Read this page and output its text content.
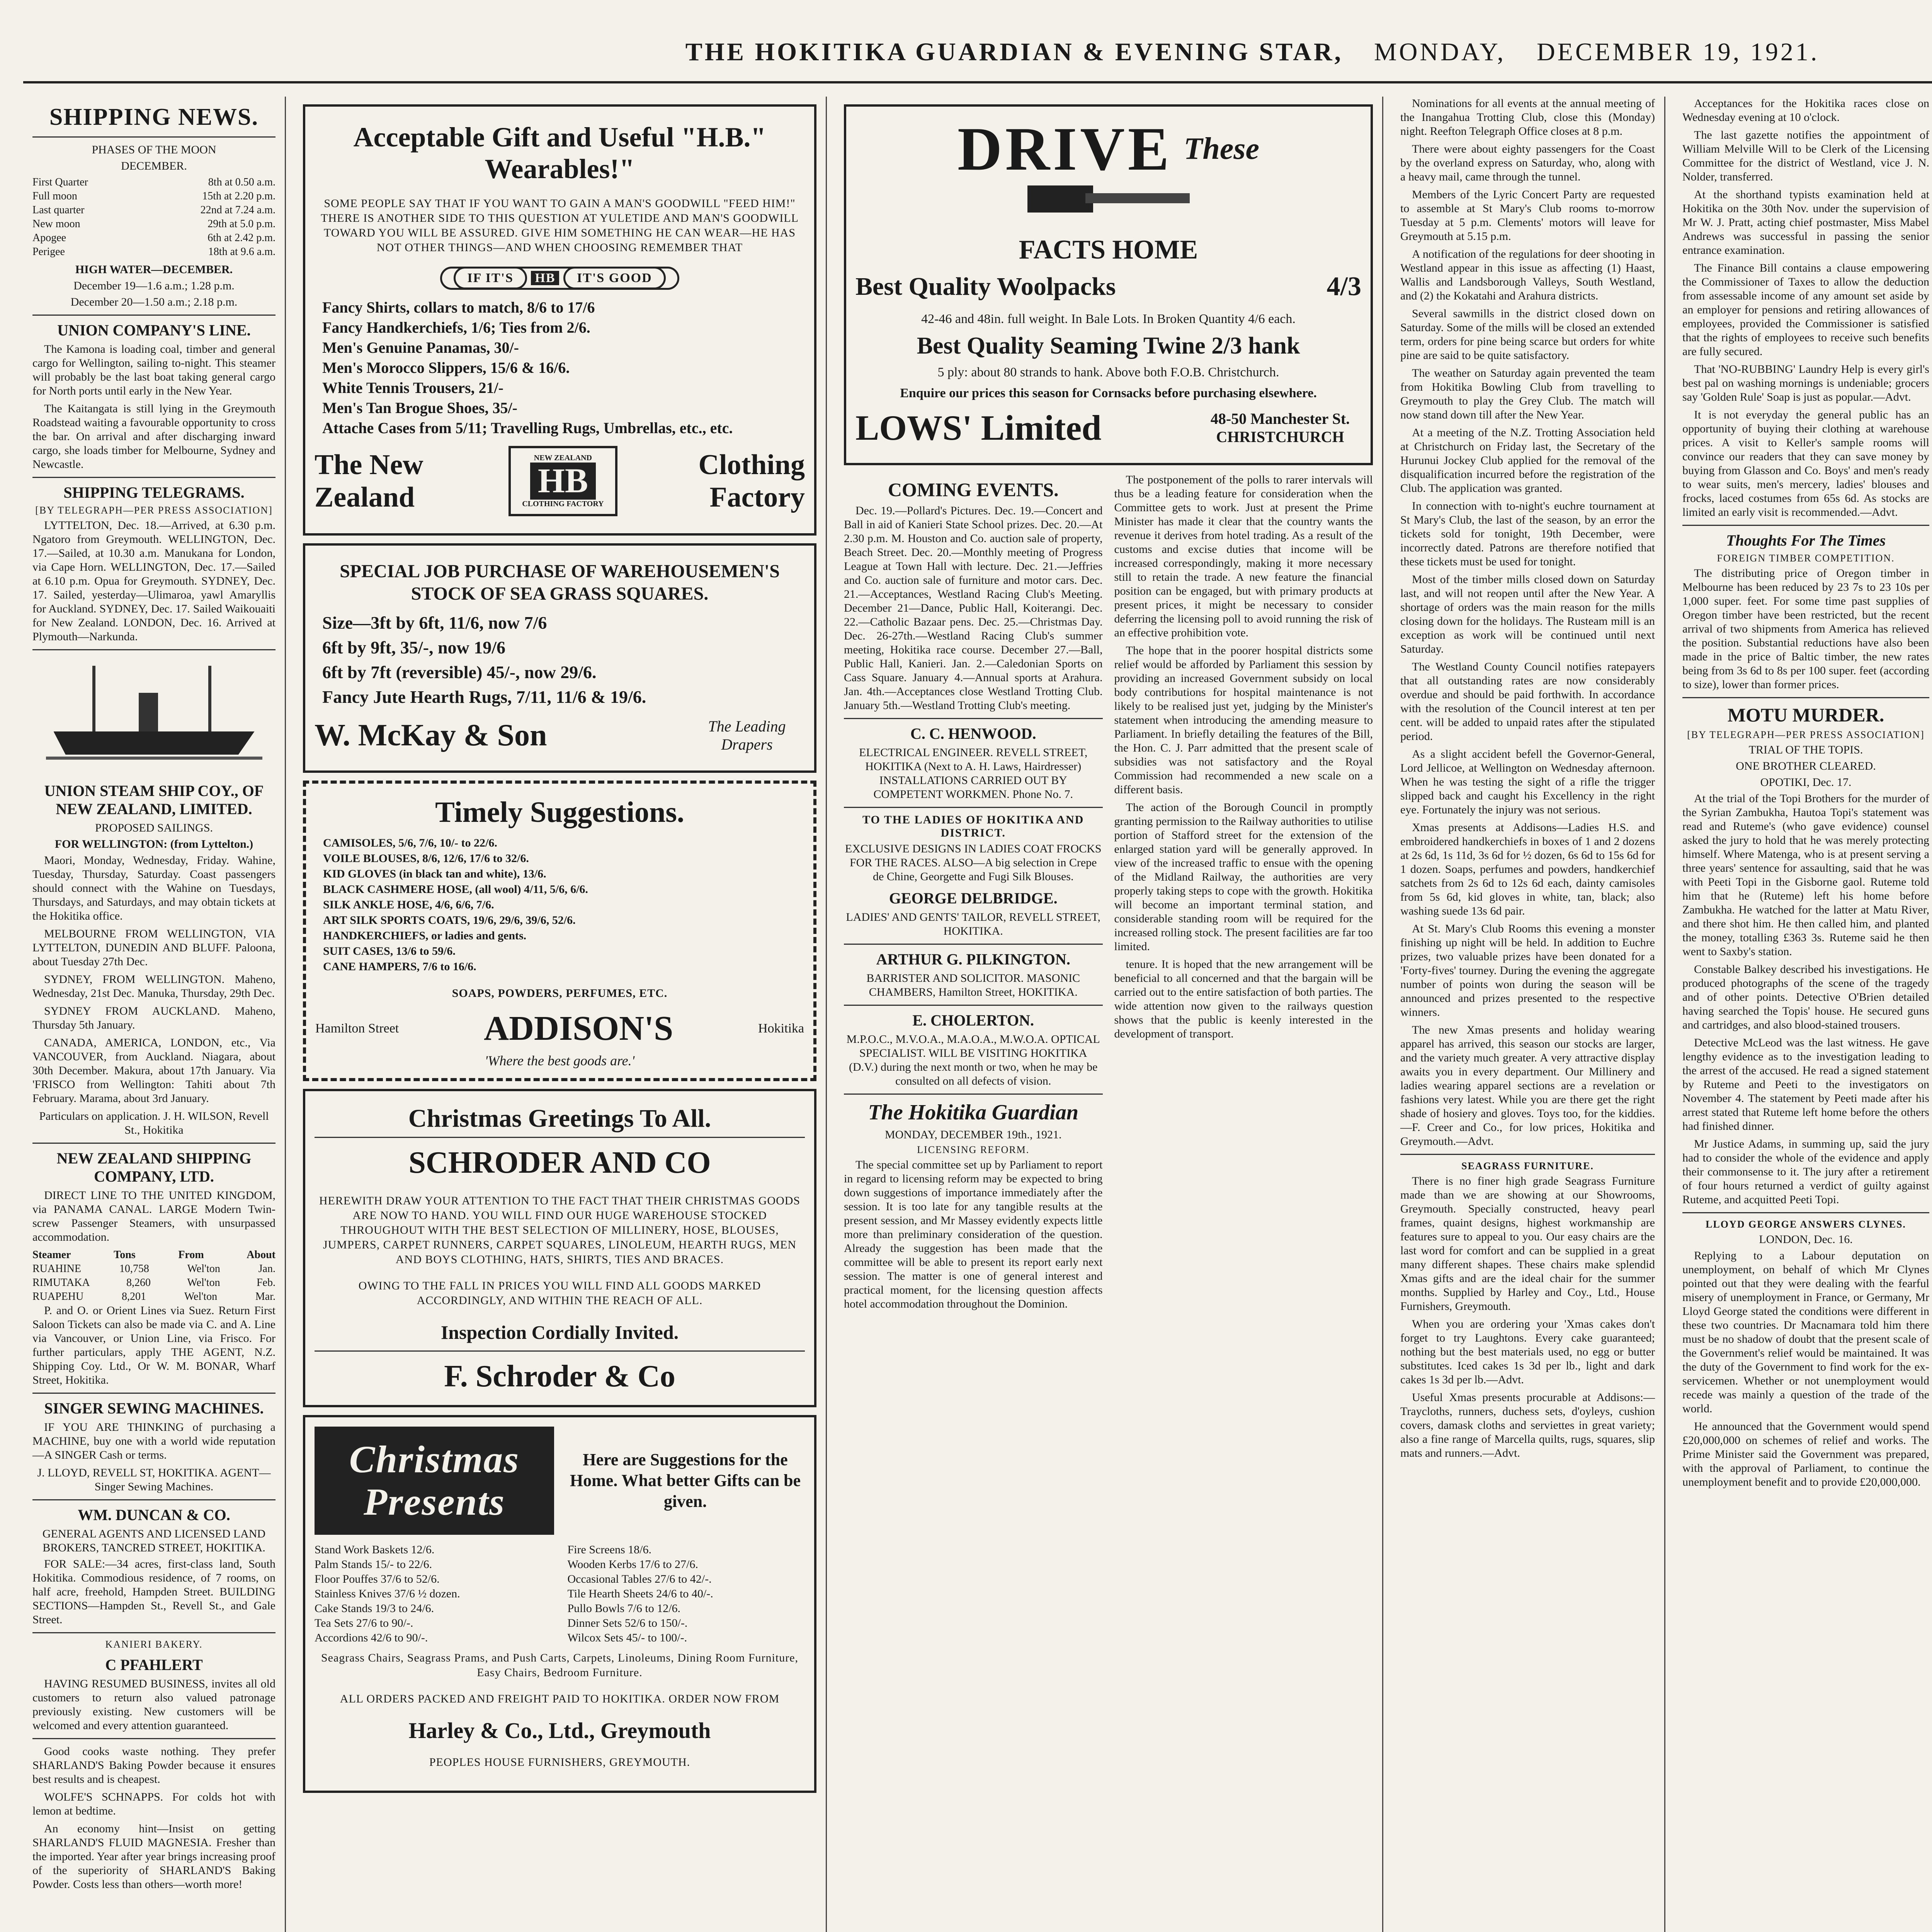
THE HOKITIKA GUARDIAN & EVENING STAR, MONDAY, DECEMBER 19, 1921.
SHIPPING NEWS.

PHASES OF THE MOON

DECEMBER.

First Quarter	8th at 0.50 a.m.
Full moon	15th at 2.20 p.m.
Last quarter	22nd at 7.24 a.m.
New moon	29th at 5.0 p.m.
Apogee	6th at 2.42 p.m.
Perigee	18th at 9.6 a.m.

HIGH WATER—DECEMBER.

December 19—1.6 a.m.; 1.28 p.m.

December 20—1.50 a.m.; 2.18 p.m.

UNION COMPANY'S LINE.

The Kamona is loading coal, timber and general cargo for Wellington, sailing to-night. This steamer will probably be the last boat taking general cargo for North ports until early in the New Year.

The Kaitangata is still lying in the Greymouth Roadstead waiting a favourable opportunity to cross the bar. On arrival and after discharging inward cargo, she loads timber for Melbourne, Sydney and Newcastle.

SHIPPING TELEGRAMS.
[BY TELEGRAPH—PER PRESS ASSOCIATION]

LYTTELTON, Dec. 18.—Arrived, at 6.30 p.m. Ngatoro from Greymouth. WELLINGTON, Dec. 17.—Sailed, at 10.30 a.m. Manukana for London, via Cape Horn. WELLINGTON, Dec. 17.—Sailed at 6.10 p.m. Opua for Greymouth. SYDNEY, Dec. 17. Sailed, yesterday—Ulimaroa, yawl Amaryllis for Auckland. SYDNEY, Dec. 17. Sailed Waikouaiti for New Zealand. LONDON, Dec. 16. Arrived at Plymouth—Narkunda.

UNION STEAM SHIP COY., OF NEW ZEALAND, LIMITED.

PROPOSED SAILINGS.

FOR WELLINGTON: (from Lyttelton.)

Maori, Monday, Wednesday, Friday. Wahine, Tuesday, Thursday, Saturday. Coast passengers should connect with the Wahine on Tuesdays, Thursdays, and Saturdays, and may obtain tickets at the Hokitika office.

MELBOURNE FROM WELLINGTON, VIA LYTTELTON, DUNEDIN AND BLUFF. Paloona, about Tuesday 27th Dec.

SYDNEY, FROM WELLINGTON. Maheno, Wednesday, 21st Dec. Manuka, Thursday, 29th Dec.

SYDNEY FROM AUCKLAND. Maheno, Thursday 5th January.

CANADA, AMERICA, LONDON, etc., Via VANCOUVER, from Auckland. Niagara, about 30th December. Makura, about 17th January. Via 'FRISCO from Wellington: Tahiti about 7th February. Marama, about 3rd January.

Particulars on application. J. H. WILSON, Revell St., Hokitika

NEW ZEALAND SHIPPING COMPANY, LTD.

DIRECT LINE TO THE UNITED KINGDOM, via PANAMA CANAL. LARGE Modern Twin-screw Passenger Steamers, with unsurpassed accommodation.

Steamer	Tons	From	About
RUAHINE	10,758	Wel'ton	Jan.
RIMUTAKA	8,260	Wel'ton	Feb.
RUAPEHU	8,201	Wel'ton	Mar.

P. and O. or Orient Lines via Suez. Return First Saloon Tickets can also be made via C. and A. Line via Vancouver, or Union Line, via Frisco. For further particulars, apply THE AGENT, N.Z. Shipping Coy. Ltd., Or W. M. BONAR, Wharf Street, Hokitika.

SINGER SEWING MACHINES.

IF YOU ARE THINKING of purchasing a MACHINE, buy one with a world wide reputation—A SINGER Cash or terms.

J. LLOYD, REVELL ST, HOKITIKA. AGENT—Singer Sewing Machines.

WM. DUNCAN & CO.

GENERAL AGENTS AND LICENSED LAND BROKERS, TANCRED STREET, HOKITIKA.

FOR SALE:—34 acres, first-class land, South Hokitika. Commodious residence, of 7 rooms, on half acre, freehold, Hampden Street. BUILDING SECTIONS—Hampden St., Revell St., and Gale Street.

KANIERI BAKERY.
C PFAHLERT

HAVING RESUMED BUSINESS, invites all old customers to return also valued patronage previously existing. New customers will be welcomed and every attention guaranteed.

Good cooks waste nothing. They prefer SHARLAND'S Baking Powder because it ensures best results and is cheapest.

WOLFE'S SCHNAPPS. For colds hot with lemon at bedtime.

An economy hint—Insist on getting SHARLAND'S FLUID MAGNESIA. Fresher than the imported. Year after year brings increasing proof of the superiority of SHARLAND'S Baking Powder. Costs less than others—worth more!

Acceptable Gift and Useful "H.B." Wearables!"

SOME PEOPLE SAY THAT IF YOU WANT TO GAIN A MAN'S GOODWILL "FEED HIM!" THERE IS ANOTHER SIDE TO THIS QUESTION AT YULETIDE AND MAN'S GOODWILL TOWARD YOU WILL BE ASSURED. GIVE HIM SOMETHING HE CAN WEAR—HE HAS NOT OTHER THINGS—AND WHEN CHOOSING REMEMBER THAT

IF IT'S HB IT'S GOOD
Fancy Shirts, collars to match, 8/6 to 17/6
Fancy Handkerchiefs, 1/6; Ties from 2/6.
Men's Genuine Panamas, 30/-
Men's Morocco Slippers, 15/6 & 16/6.
White Tennis Trousers, 21/-
Men's Tan Brogue Shoes, 35/-
Attache Cases from 5/11; Travelling Rugs, Umbrellas, etc., etc.
The New Zealand
NEW ZEALAND
HB
CLOTHING FACTORY
Clothing Factory
SPECIAL JOB PURCHASE OF WAREHOUSEMEN'S STOCK OF SEA GRASS SQUARES.
Size—3ft by 6ft, 11/6, now 7/6
6ft by 9ft, 35/-, now 19/6
6ft by 7ft (reversible) 45/-, now 29/6.
Fancy Jute Hearth Rugs, 7/11, 11/6 & 19/6.
W. McKay & Son	The Leading Drapers
Timely Suggestions.
CAMISOLES, 5/6, 7/6, 10/- to 22/6.
VOILE BLOUSES, 8/6, 12/6, 17/6 to 32/6.
KID GLOVES (in black tan and white), 13/6.
BLACK CASHMERE HOSE, (all wool) 4/11, 5/6, 6/6.
SILK ANKLE HOSE, 4/6, 6/6, 7/6.
ART SILK SPORTS COATS, 19/6, 29/6, 39/6, 52/6.
HANDKERCHIEFS, or ladies and gents.
SUIT CASES, 13/6 to 59/6.
CANE HAMPERS, 7/6 to 16/6.

SOAPS, POWDERS, PERFUMES, ETC.

Hamilton Street ADDISON'S	Hokitika
'Where the best goods are.'
Christmas Greetings To All.
SCHRODER AND CO

HEREWITH DRAW YOUR ATTENTION TO THE FACT THAT THEIR CHRISTMAS GOODS ARE NOW TO HAND. YOU WILL FIND OUR HUGE WAREHOUSE STOCKED THROUGHOUT WITH THE BEST SELECTION OF MILLINERY, HOSE, BLOUSES, JUMPERS, CARPET RUNNERS, CARPET SQUARES, LINOLEUM, HEARTH RUGS, MEN AND BOYS CLOTHING, HATS, SHIRTS, TIES AND BRACES.

OWING TO THE FALL IN PRICES YOU WILL FIND ALL GOODS MARKED ACCORDINGLY, AND WITHIN THE REACH OF ALL.

Inspection Cordially Invited.
F. Schroder & Co
Christmas Presents
Here are Suggestions for the Home. What better Gifts can be given.
Stand Work Baskets 12/6.
Palm Stands 15/- to 22/6.
Floor Pouffes 37/6 to 52/6.
Stainless Knives 37/6 ½ dozen.
Cake Stands 19/3 to 24/6.
Tea Sets 27/6 to 90/-.
Accordions 42/6 to 90/-.
Fire Screens 18/6.
Wooden Kerbs 17/6 to 27/6.
Occasional Tables 27/6 to 42/-.
Tile Hearth Sheets 24/6 to 40/-.
Pullo Bowls 7/6 to 12/6.
Dinner Sets 52/6 to 150/-.
Wilcox Sets 45/- to 100/-.

Seagrass Chairs, Seagrass Prams, and Push Carts, Carpets, Linoleums, Dining Room Furniture, Easy Chairs, Bedroom Furniture.

ALL ORDERS PACKED AND FREIGHT PAID TO HOKITIKA. ORDER NOW FROM

Harley & Co., Ltd., Greymouth

PEOPLES HOUSE FURNISHERS, GREYMOUTH.

DRIVE These
FACTS HOME
Best Quality Woolpacks	4/3

42-46 and 48in. full weight. In Bale Lots. In Broken Quantity 4/6 each.

Best Quality Seaming Twine 2/3 hank

5 ply: about 80 strands to hank. Above both F.O.B. Christchurch.

Enquire our prices this season for Cornsacks before purchasing elsewhere.

LOWS' Limited	48-50 Manchester St. CHRISTCHURCH
COMING EVENTS.

Dec. 19.—Pollard's Pictures. Dec. 19.—Concert and Ball in aid of Kanieri State School prizes. Dec. 20.—At 2.30 p.m. M. Houston and Co. auction sale of property, Beach Street. Dec. 20.—Monthly meeting of Progress League at Town Hall with lecture. Dec. 21.—Jeffries and Co. auction sale of furniture and motor cars. Dec. 21.—Acceptances, Westland Racing Club's Meeting. December 21—Dance, Public Hall, Koiterangi. Dec. 22.—Catholic Bazaar pens. Dec. 25.—Christmas Day. Dec. 26-27th.—Westland Racing Club's summer meeting, Hokitika race course. December 27.—Ball, Public Hall, Kanieri. Jan. 2.—Caledonian Sports on Cass Square. January 4.—Annual sports at Arahura. Jan. 4th.—Acceptances close Westland Trotting Club. January 5th.—Westland Trotting Club's meeting.

C. C. HENWOOD.

ELECTRICAL ENGINEER. REVELL STREET, HOKITIKA (Next to A. H. Laws, Hairdresser) INSTALLATIONS CARRIED OUT BY COMPETENT WORKMEN. Phone No. 7.

TO THE LADIES OF HOKITIKA AND DISTRICT.

EXCLUSIVE DESIGNS IN LADIES COAT FROCKS FOR THE RACES. ALSO—A big selection in Crepe de Chine, Georgette and Fugi Silk Blouses.

GEORGE DELBRIDGE.

LADIES' AND GENTS' TAILOR, REVELL STREET, HOKITIKA.

ARTHUR G. PILKINGTON.

BARRISTER AND SOLICITOR. MASONIC CHAMBERS, Hamilton Street, HOKITIKA.

E. CHOLERTON.

M.P.O.C., M.V.O.A., M.A.O.A., M.W.O.A. OPTICAL SPECIALIST. WILL BE VISITING HOKITIKA (D.V.) during the next month or two, when he may be consulted on all defects of vision.

The Hokitika Guardian

MONDAY, DECEMBER 19th., 1921.

LICENSING REFORM.

The special committee set up by Parliament to report in regard to licensing reform may be expected to bring down suggestions of importance immediately after the session. It is too late for any tangible results at the present session, and Mr Massey evidently expects little more than preliminary consideration of the question. Already the suggestion has been made that the committee will be able to present its report early next session. The matter is one of general interest and practical moment, for the licensing question affects hotel accommodation throughout the Dominion.

The postponement of the polls to rarer intervals will thus be a leading feature for consideration when the Committee gets to work. Just at present the Prime Minister has made it clear that the country wants the revenue it derives from hotel trading. As a result of the customs and excise duties that income will be increased correspondingly, making it more necessary still to retain the trade. A new feature the financial position can be engaged, but with primary products at present prices, it might be necessary to consider deferring the licensing poll to avoid running the risk of an effective prohibition vote.

The hope that in the poorer hospital districts some relief would be afforded by Parliament this session by providing an increased Government subsidy on local body contributions for hospital maintenance is not likely to be realised just yet, judging by the Minister's statement when introducing the amending measure to Parliament. In briefly detailing the features of the Bill, the Hon. C. J. Parr admitted that the present scale of subsidies was not satisfactory and the Royal Commission had recommended a new scale on a different basis.

The action of the Borough Council in promptly granting permission to the Railway authorities to utilise portion of Stafford street for the extension of the enlarged station yard will be generally approved. In view of the increased traffic to ensue with the opening of the Midland Railway, the authorities are very properly taking steps to cope with the growth. Hokitika will become an important terminal station, and considerable standing room will be required for the increased rolling stock. The present facilities are far too limited.

tenure. It is hoped that the new arrangement will be beneficial to all concerned and that the bargain will be carried out to the entire satisfaction of both parties. The wide attention now given to the railways question shows that the public is keenly interested in the development of transport.

Nominations for all events at the annual meeting of the Inangahua Trotting Club, close this (Monday) night. Reefton Telegraph Office closes at 8 p.m.

There were about eighty passengers for the Coast by the overland express on Saturday, who, along with a heavy mail, came through the tunnel.

Members of the Lyric Concert Party are requested to assemble at St Mary's Club rooms to-morrow Tuesday at 5 p.m. Clements' motors will leave for Greymouth at 5.15 p.m.

A notification of the regulations for deer shooting in Westland appear in this issue as affecting (1) Haast, Wallis and Landsborough Valleys, South Westland, and (2) the Kokatahi and Arahura districts.

Several sawmills in the district closed down on Saturday. Some of the mills will be closed an extended term, orders for pine being scarce but orders for white pine are said to be quite satisfactory.

The weather on Saturday again prevented the team from Hokitika Bowling Club from travelling to Greymouth to play the Grey Club. The match will now stand down till after the New Year.

At a meeting of the N.Z. Trotting Association held at Christchurch on Friday last, the Secretary of the Hurunui Jockey Club applied for the removal of the disqualification incurred before the registration of the Club. The application was granted.

In connection with to-night's euchre tournament at St Mary's Club, the last of the season, by an error the tickets sold for tonight, 19th December, were incorrectly dated. Patrons are therefore notified that these tickets must be used for tonight.

Most of the timber mills closed down on Saturday last, and will not reopen until after the New Year. A shortage of orders was the main reason for the mills closing down for the holidays. The Rusteam mill is an exception as work will be continued until next Saturday.

The Westland County Council notifies ratepayers that all outstanding rates are now considerably overdue and should be paid forthwith. In accordance with the resolution of the Council interest at ten per cent. will be added to unpaid rates after the stipulated period.

As a slight accident befell the Governor-General, Lord Jellicoe, at Wellington on Wednesday afternoon. When he was testing the sight of a rifle the trigger slipped back and caught his Excellency in the right eye. Fortunately the injury was not serious.

Xmas presents at Addisons—Ladies H.S. and embroidered handkerchiefs in boxes of 1 and 2 dozens at 2s 6d, 1s 11d, 3s 6d for ½ dozen, 6s 6d to 15s 6d for 1 dozen. Soaps, perfumes and powders, handkerchief satchets from 2s 6d to 12s 6d each, dainty camisoles from 5s 6d, kid gloves in white, tan, black; also washing suede 13s 6d pair.

At St. Mary's Club Rooms this evening a monster finishing up night will be held. In addition to Euchre prizes, two valuable prizes have been donated for a 'Forty-fives' tourney. During the evening the aggregate number of points won during the season will be announced and prizes presented to the respective winners.

The new Xmas presents and holiday wearing apparel has arrived, this season our stocks are larger, and the variety much greater. A very attractive display awaits you in every department. Our Millinery and ladies wearing apparel sections are a revelation or fashions very latest. While you are there get the right shade of hosiery and gloves. Toys too, for the kiddies.—F. Creer and Co., for low prices, Hokitika and Greymouth.—Advt.

SEAGRASS FURNITURE.

There is no finer high grade Seagrass Furniture made than we are showing at our Showrooms, Greymouth. Specially constructed, heavy pearl frames, quaint designs, highest workmanship are features sure to appeal to you. Our easy chairs are the last word for comfort and can be supplied in a great many different shapes. These chairs make splendid Xmas gifts and are the ideal chair for the summer months. Supplied by Harley and Coy., Ltd., House Furnishers, Greymouth.

When you are ordering your 'Xmas cakes don't forget to try Laughtons. Every cake guaranteed; nothing but the best materials used, no egg or butter substitutes. Iced cakes 1s 3d per lb., light and dark cakes 1s 3d per lb.—Advt.

Useful Xmas presents procurable at Addisons:—Traycloths, runners, duchess sets, d'oyleys, cushion covers, damask cloths and serviettes in great variety; also a fine range of Marcella quilts, rugs, squares, slip mats and runners.—Advt.

Acceptances for the Hokitika races close on Wednesday evening at 10 o'clock.

The last gazette notifies the appointment of William Melville Will to be Clerk of the Licensing Committee for the district of Westland, vice J. N. Nolder, transferred.

At the shorthand typists examination held at Hokitika on the 30th Nov. under the supervision of Mr W. J. Pratt, acting chief postmaster, Miss Mabel Andrews was successful in passing the senior entrance examination.

The Finance Bill contains a clause empowering the Commissioner of Taxes to allow the deduction from assessable income of any amount set aside by an employer for pensions and retiring allowances of employees, provided the Commissioner is satisfied that the rights of employees to receive such benefits are fully secured.

That 'NO-RUBBING' Laundry Help is every girl's best pal on washing mornings is undeniable; grocers say 'Golden Rule' Soap is just as popular.—Advt.

It is not everyday the general public has an opportunity of buying their clothing at warehouse prices. A visit to Keller's sample rooms will convince our readers that they can save money by buying from Glasson and Co. Boys' and men's ready to wear suits, men's mercery, ladies' blouses and frocks, laced costumes from 65s 6d. As stocks are limited an early visit is recommended.—Advt.

Thoughts For The Times
FOREIGN TIMBER COMPETITION.

The distributing price of Oregon timber in Melbourne has been reduced by 23 7s to 23 10s per 1,000 super. feet. For some time past supplies of Oregon timber have been restricted, but the recent arrival of two shipments from America has relieved the position. Substantial reductions have also been made in the price of Baltic timber, the new rates being from 3s 6d to 8s per 100 super. feet (according to size), lower than former prices.

MOTU MURDER.
[BY TELEGRAPH—PER PRESS ASSOCIATION]

TRIAL OF THE TOPIS.

ONE BROTHER CLEARED.

OPOTIKI, Dec. 17.

At the trial of the Topi Brothers for the murder of the Syrian Zambukha, Hautoa Topi's statement was read and Ruteme's (who gave evidence) counsel asked the jury to hold that he was merely protecting himself. Where Matenga, who is at present serving a three years' sentence for assaulting, said that he was with Peeti Topi in the Gisborne gaol. Ruteme told him that he (Ruteme) left his home before Zambukha. He watched for the latter at Matu River, and there shot him. He then called him, and planted the money, totalling £363 3s. Ruteme said he then went to Saxby's station.

Constable Balkey described his investigations. He produced photographs of the scene of the tragedy and of other points. Detective O'Brien detailed having searched the Topis' house. He secured guns and cartridges, and also blood-stained trousers.

Detective McLeod was the last witness. He gave lengthy evidence as to the investigation leading to the arrest of the accused. He read a signed statement by Ruteme and Peeti to the investigators on November 4. The statement by Peeti made after his arrest stated that Ruteme left home before the others had finished dinner.

Mr Justice Adams, in summing up, said the jury had to consider the whole of the evidence and apply their commonsense to it. The jury after a retirement of four hours returned a verdict of guilty against Ruteme, and acquitted Peeti Topi.

LLOYD GEORGE ANSWERS CLYNES.

LONDON, Dec. 16.

Replying to a Labour deputation on unemployment, on behalf of which Mr Clynes pointed out that they were dealing with the fearful misery of unemployment in France, or Germany, Mr Lloyd George stated the conditions were different in these two countries. Dr Macnamara told him there must be no shadow of doubt that the present scale of the Government's relief would be maintained. It was the duty of the Government to find work for the ex-servicemen. Whether or not unemployment would recede was mainly a question of the trade of the world.

He announced that the Government would spend £20,000,000 on schemes of relief and works. The Prime Minister said the Government was prepared, with the approval of Parliament, to continue the unemployment benefit and to provide £20,000,000.
